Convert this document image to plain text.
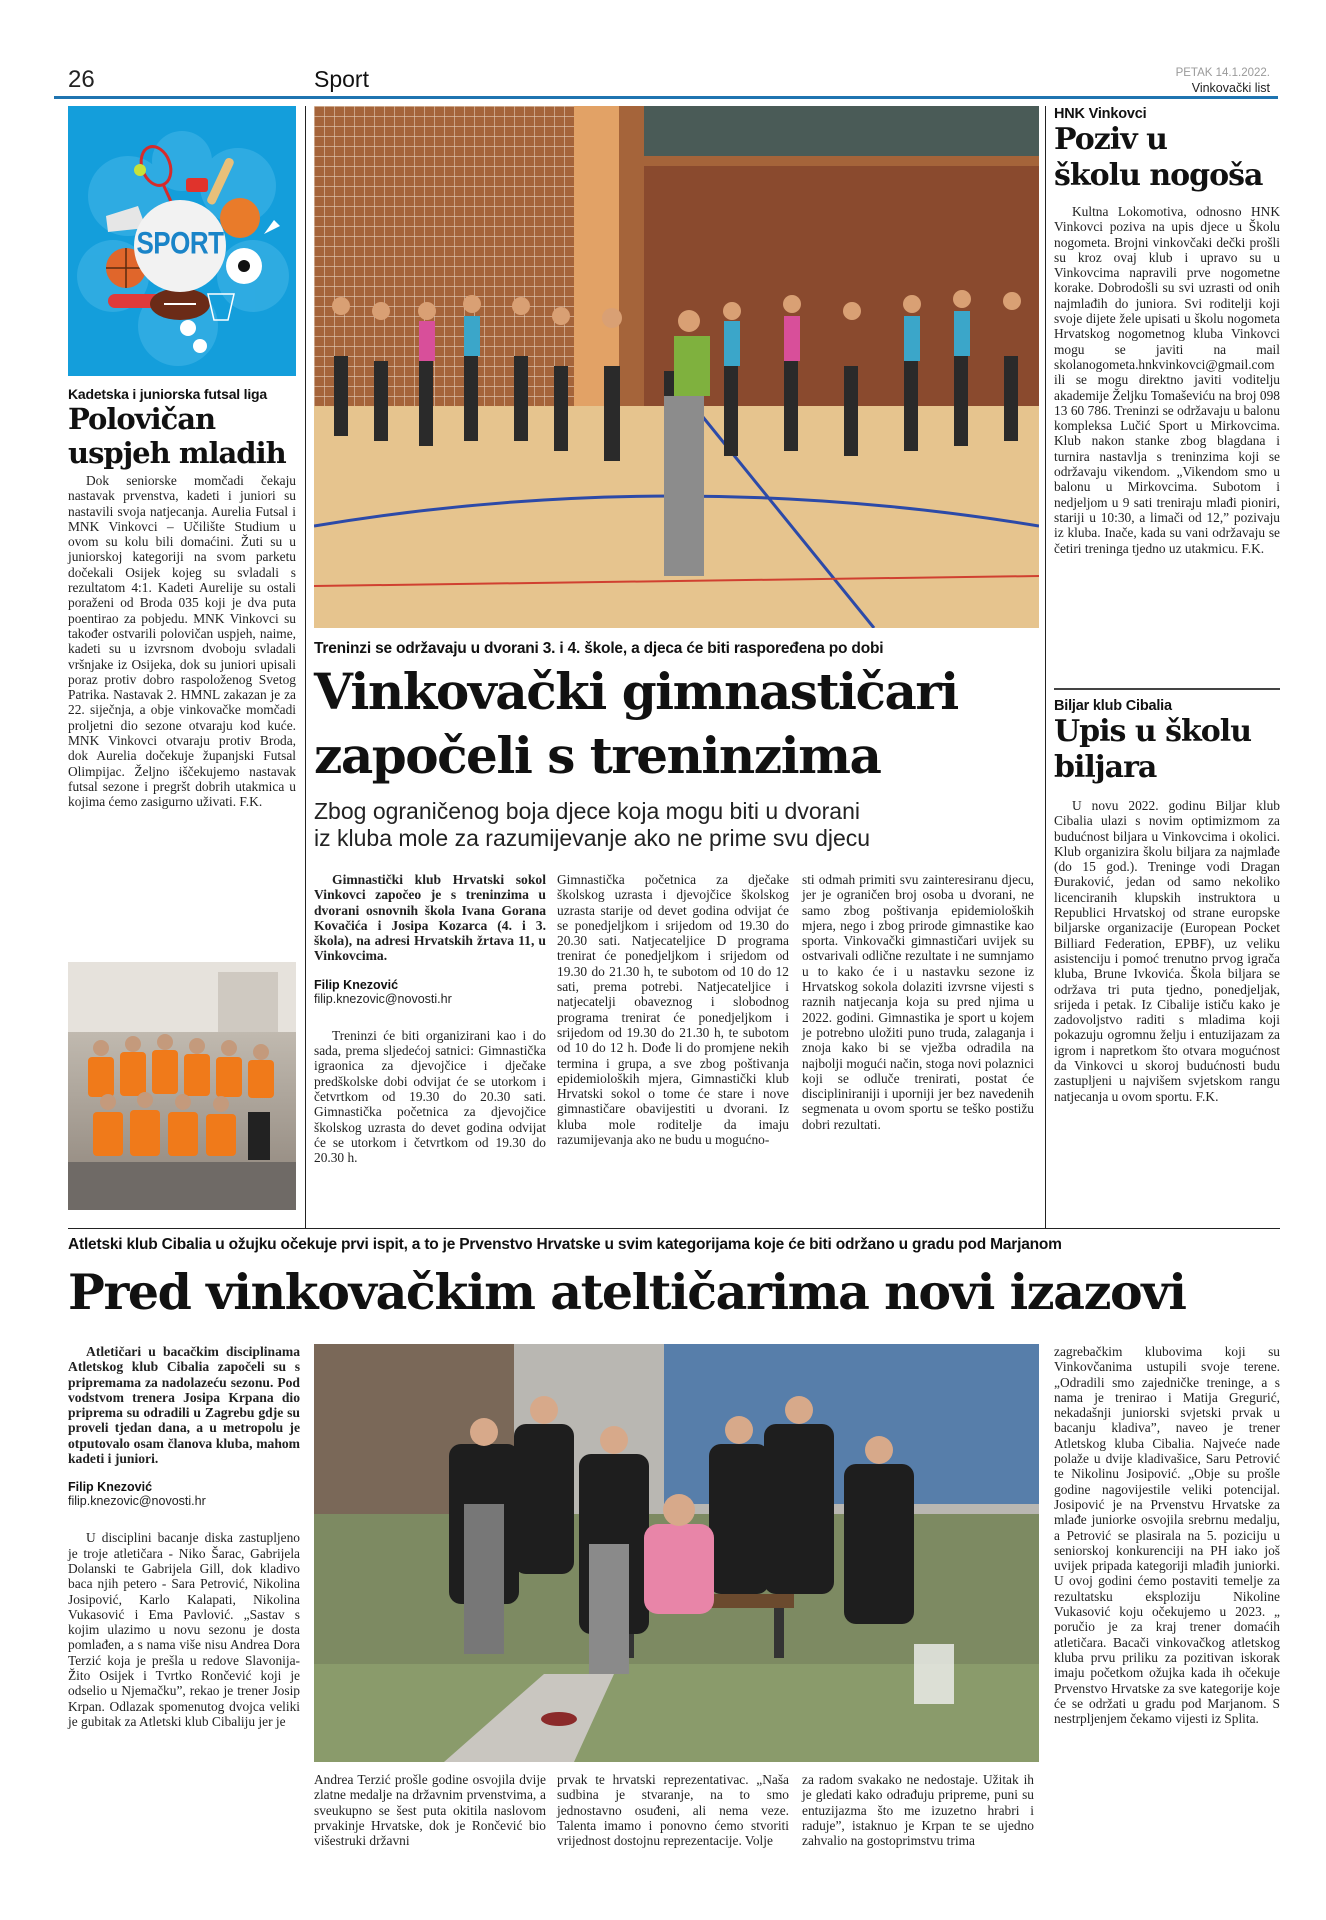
26	Sport	PETAK 14.1.2022.
Vinkovački list
SPORT
Kadetska i juniorska futsal liga
Polovičan
uspjeh mladih

Dok seniorske momčadi čekaju nastavak prvenstva, kadeti i juniori su nastavili svoja natjecanja. Aurelia Futsal i MNK Vinkovci – Učilište Studium u ovom su kolu bili domaćini. Žuti su u juniorskoj kategoriji na svom parketu dočekali Osijek kojeg su svladali s rezultatom 4:1. Kadeti Aurelije su ostali poraženi od Broda 035 koji je dva puta poentirao za pobjedu. MNK Vinkovci su također ostvarili polovičan uspjeh, naime, kadeti su u izvrsnom dvoboju svladali vršnjake iz Osijeka, dok su juniori upisali poraz protiv dobro raspoloženog Svetog Patrika. Nastavak 2. HMNL zakazan je za 22. siječnja, a obje vinkovačke momčadi proljetni dio sezone otvaraju kod kuće. MNK Vinkovci otvaraju protiv Broda, dok Aurelia dočekuje županjski Futsal Olimpijac. Željno iščekujemo nastavak futsal sezone i pregršt dobrih utakmica u kojima ćemo zasigurno uživati. F.K.

Treninzi se održavaju u dvorani 3. i 4. škole, a djeca će biti raspoređena po dobi
Vinkovački gimnastičari
započeli s treninzima
Zbog ograničenog boja djece koja mogu biti u dvorani
iz kluba mole za razumijevanje ako ne prime svu djecu
Gimnastički klub Hrvatski sokol Vinkovci započeo je s treninzima u dvorani osnovnih škola Ivana Gorana Kovačića i Josipa Kozarca (4. i 3. škola), na adresi Hrvatskih žrtava 11, u Vinkovcima.
Filip Knezović
filip.knezovic@novosti.hr

Treninzi će biti organizirani kao i do sada, prema sljedećoj satnici: Gimnastička igraonica za djevojčice i dječake predškolske dobi odvijat će se utorkom i četvrtkom od 19.30 do 20.30 sati. Gimnastička početnica za djevojčice školskog uzrasta do devet godina odvijat će se utorkom i četvrtkom od 19.30 do 20.30 h.

Gimnastička početnica za dječake školskog uzrasta i djevojčice školskog uzrasta starije od devet godina odvijat će se ponedjeljkom i srijedom od 19.30 do 20.30 sati. Natjecateljice D programa trenirat će ponedjeljkom i srijedom od 19.30 do 21.30 h, te subotom od 10 do 12 sati, prema potrebi. Natjecateljice i natjecatelji obaveznog i slobodnog programa trenirat će ponedjeljkom i srijedom od 19.30 do 21.30 h, te subotom od 10 do 12 h. Dođe li do promjene nekih termina i grupa, a sve zbog poštivanja epidemioloških mjera, Gimnastički klub Hrvatski sokol o tome će stare i nove gimnastičare obavijestiti u dvorani. Iz kluba mole roditelje da imaju razumijevanja ako ne budu u mogućno-

sti odmah primiti svu zainteresiranu djecu, jer je ograničen broj osoba u dvorani, ne samo zbog poštivanja epidemioloških mjera, nego i zbog prirode gimnastike kao sporta. Vinkovački gimnastičari uvijek su ostvarivali odlične rezultate i ne sumnjamo u to kako će i u nastavku sezone iz Hrvatskog sokola dolaziti izvrsne vijesti s raznih natjecanja koja su pred njima u 2022. godini. Gimnastika je sport u kojem je potrebno uložiti puno truda, zalaganja i znoja kako bi se vježba odradila na najbolji mogući način, stoga novi polaznici koji se odluče trenirati, postat će discipliniraniji i uporniji jer bez navedenih segmenata u ovom sportu se teško postižu dobri rezultati.

HNK Vinkovci
Poziv u
školu nogoša

Kultna Lokomotiva, odnosno HNK Vinkovci poziva na upis djece u Školu nogometa. Brojni vinkovčaki dečki prošli su kroz ovaj klub i upravo su u Vinkovcima napravili prve nogometne korake. Dobrodošli su svi uzrasti od onih najmlađih do juniora. Svi roditelji koji svoje dijete žele upisati u školu nogometa Hrvatskog nogometnog kluba Vinkovci mogu se javiti na mail skolanogometa.hnkvinkovci@gmail.com ili se mogu direktno javiti voditelju akademije Željku Tomaševiću na broj 098 13 60 786. Treninzi se održavaju u balonu kompleksa Lučić Sport u Mirkovcima. Klub nakon stanke zbog blagdana i turnira nastavlja s treninzima koji se održavaju vikendom. „Vikendom smo u balonu u Mirkovcima. Subotom i nedjeljom u 9 sati treniraju mlađi pioniri, stariji u 10:30, a limači od 12,” pozivaju iz kluba. Inače, kada su vani održavaju se četiri treninga tjedno uz utakmicu. F.K.

Biljar klub Cibalia
Upis u školu
biljara

U novu 2022. godinu Biljar klub Cibalia ulazi s novim optimizmom za budućnost biljara u Vinkovcima i okolici. Klub organizira školu biljara za najmlađe (do 15 god.). Treninge vodi Dragan Đuraković, jedan od samo nekoliko licenciranih klupskih instruktora u Republici Hrvatskoj od strane europske biljarske organizacije (European Pocket Billiard Federation, EPBF), uz veliku asistenciju i pomoć trenutno prvog igrača kluba, Brune Ivkovića. Škola biljara se održava tri puta tjedno, ponedjeljak, srijeda i petak. Iz Cibalije ističu kako je zadovoljstvo raditi s mladima koji pokazuju ogromnu želju i entuzijazam za igrom i napretkom što otvara mogućnost da Vinkovci u skoroj budućnosti budu zastupljeni u najvišem svjetskom rangu natjecanja u ovom sportu. F.K.

Atletski klub Cibalia u ožujku očekuje prvi ispit, a to je Prvenstvo Hrvatske u svim kategorijama koje će biti održano u gradu pod Marjanom
Pred vinkovačkim ateltičarima novi izazovi
Atletičari u bacačkim disciplinama Atletskog klub Cibalia započeli su s pripremama za nadolazeću sezonu. Pod vodstvom trenera Josipa Krpana dio priprema su odradili u Zagrebu gdje su proveli tjedan dana, a u metropolu je otputovalo osam članova kluba, mahom kadeti i juniori.
Filip Knezović
filip.knezovic@novosti.hr

U disciplini bacanje diska zastupljeno je troje atletičara - Niko Šarac, Gabrijela Dolanski te Gabrijela Gill, dok kladivo baca njih petero - Sara Petrović, Nikolina Josipović, Karlo Kalapati, Nikolina Vukasović i Ema Pavlović. „Sastav s kojim ulazimo u novu sezonu je dosta pomlađen, a s nama više nisu Andrea Dora Terzić koja je prešla u redove Slavonija-Žito Osijek i Tvrtko Rončević koji je odselio u Njemačku”, rekao je trener Josip Krpan. Odlazak spomenutog dvojca veliki je gubitak za Atletski klub Cibaliju jer je

Andrea Terzić prošle godine osvojila dvije zlatne medalje na državnim prvenstvima, a sveukupno se šest puta okitila naslovom prvakinje Hrvatske, dok je Rončević bio višestruki državni

prvak te hrvatski reprezentativac. „Naša sudbina je stvaranje, na to smo jednostavno osuđeni, ali nema veze. Talenta imamo i ponovno ćemo stvoriti vrijednost dostojnu reprezentacije. Volje

za radom svakako ne nedostaje. Užitak ih je gledati kako odrađuju pripreme, puni su entuzijazma što me izuzetno hrabri i raduje”, istaknuo je Krpan te se ujedno zahvalio na gostoprimstvu trima

zagrebačkim klubovima koji su Vinkovčanima ustupili svoje terene. „Odradili smo zajedničke treninge, a s nama je trenirao i Matija Gregurić, nekadašnji juniorski svjetski prvak u bacanju kladiva”, naveo je trener Atletskog kluba Cibalia. Najveće nade polaže u dvije kladivašice, Saru Petrović te Nikolinu Josipović. „Obje su prošle godine nagovijestile veliki potencijal. Josipović je na Prvenstvu Hrvatske za mlađe juniorke osvojila srebrnu medalju, a Petrović se plasirala na 5. poziciju u seniorskoj konkurenciji na PH iako još uvijek pripada kategoriji mlađih juniorki. U ovoj godini ćemo postaviti temelje za rezultatsku eksploziju Nikoline Vukasović koju očekujemo u 2023. „ poručio je za kraj trener domaćih atletičara. Bacači vinkovačkog atletskog kluba prvu priliku za pozitivan iskorak imaju početkom ožujka kada ih očekuje Prvenstvo Hrvatske za sve kategorije koje će se održati u gradu pod Marjanom. S nestrpljenjem čekamo vijesti iz Splita.
